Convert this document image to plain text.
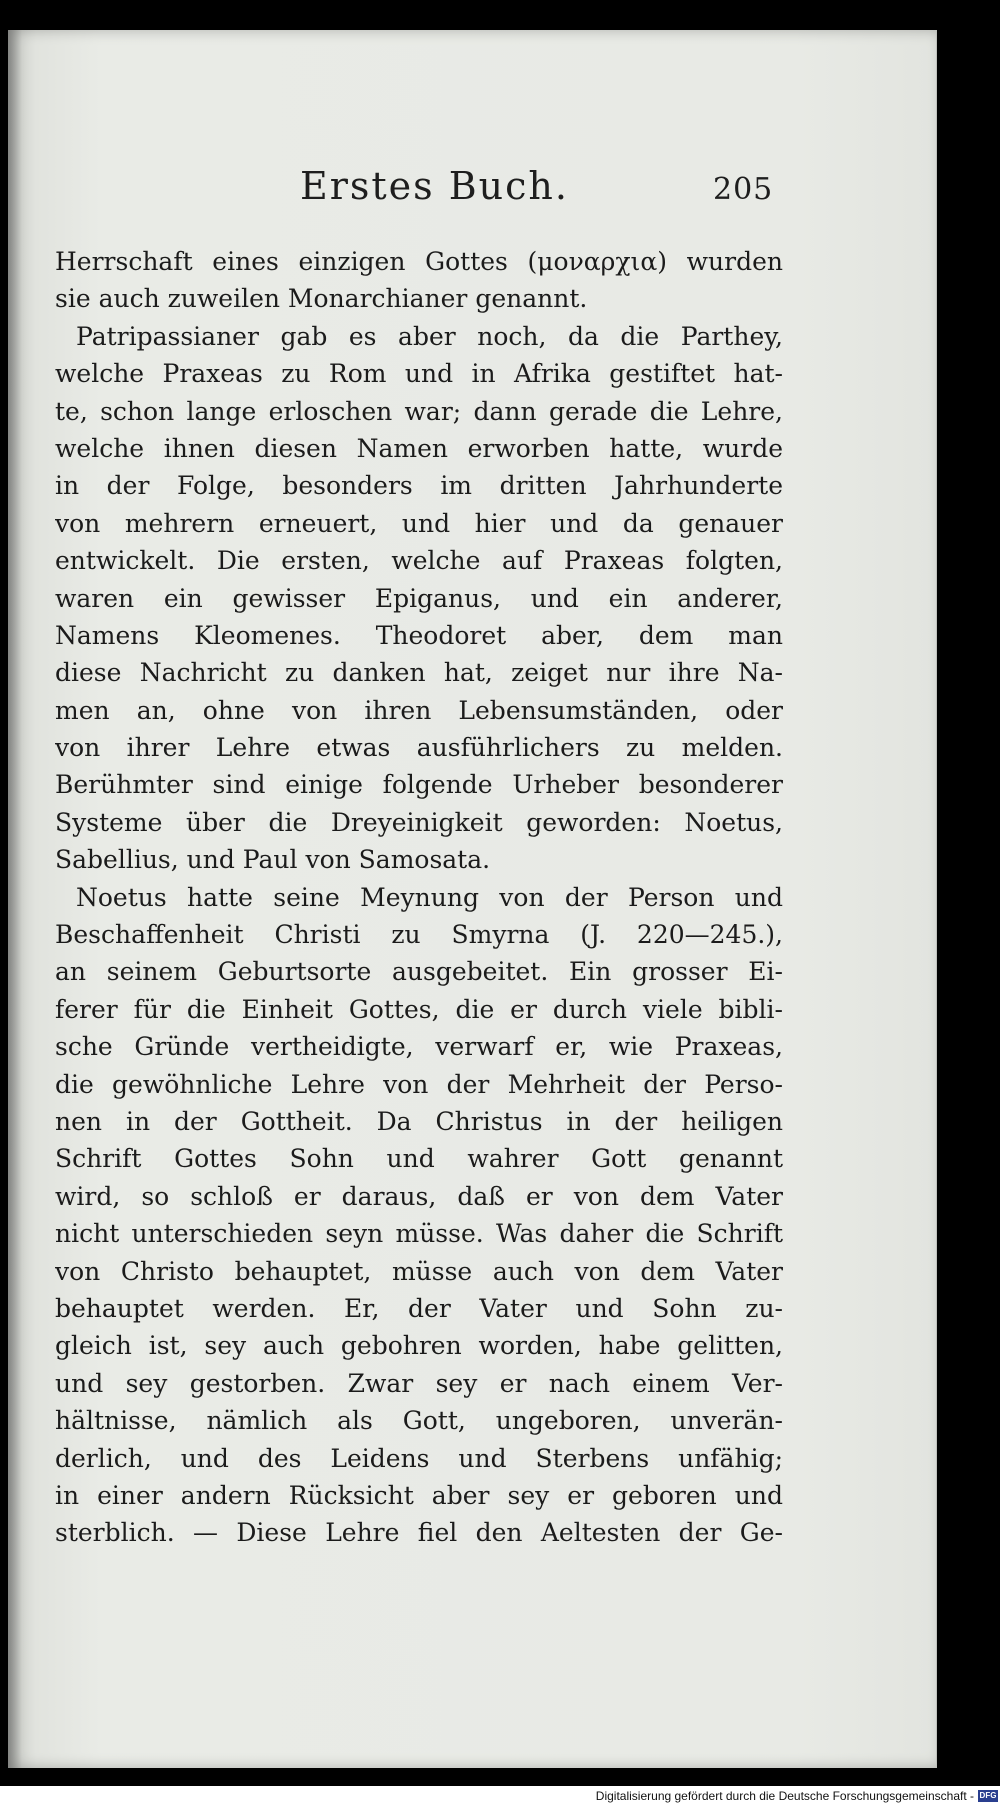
Erstes Buch.	205
Herrschaft eines einzigen Gottes (μοναρχια) wurden
sie auch zuweilen Monarchianer genannt.
Patripassianer gab es aber noch, da die Parthey,
welche Praxeas zu Rom und in Afrika gestiftet hat-
te, schon lange erloschen war; dann gerade die Lehre,
welche ihnen diesen Namen erworben hatte, wurde
in der Folge, besonders im dritten Jahrhunderte
von mehrern erneuert, und hier und da genauer
entwickelt. Die ersten, welche auf Praxeas folgten,
waren ein gewisser Epiganus, und ein anderer,
Namens Kleomenes. Theodoret aber, dem man
diese Nachricht zu danken hat, zeiget nur ihre Na-
men an, ohne von ihren Lebensumständen, oder
von ihrer Lehre etwas ausführlichers zu melden.
Berühmter sind einige folgende Urheber besonderer
Systeme über die Dreyeinigkeit geworden: Noetus,
Sabellius, und Paul von Samosata.
Noetus hatte seine Meynung von der Person und
Beschaffenheit Christi zu Smyrna (J. 220—245.),
an seinem Geburtsorte ausgebeitet. Ein grosser Ei-
ferer für die Einheit Gottes, die er durch viele bibli-
sche Gründe vertheidigte, verwarf er, wie Praxeas,
die gewöhnliche Lehre von der Mehrheit der Perso-
nen in der Gottheit. Da Christus in der heiligen
Schrift Gottes Sohn und wahrer Gott genannt
wird, so schloß er daraus, daß er von dem Vater
nicht unterschieden seyn müsse. Was daher die Schrift
von Christo behauptet, müsse auch von dem Vater
behauptet werden. Er, der Vater und Sohn zu-
gleich ist, sey auch gebohren worden, habe gelitten,
und sey gestorben. Zwar sey er nach einem Ver-
hältnisse, nämlich als Gott, ungeboren, unverän-
derlich, und des Leidens und Sterbens unfähig;
in einer andern Rücksicht aber sey er geboren und
sterblich. — Diese Lehre fiel den Aeltesten der Ge-
Digitalisierung gefördert durch die Deutsche Forschungsgemeinschaft - DFG
